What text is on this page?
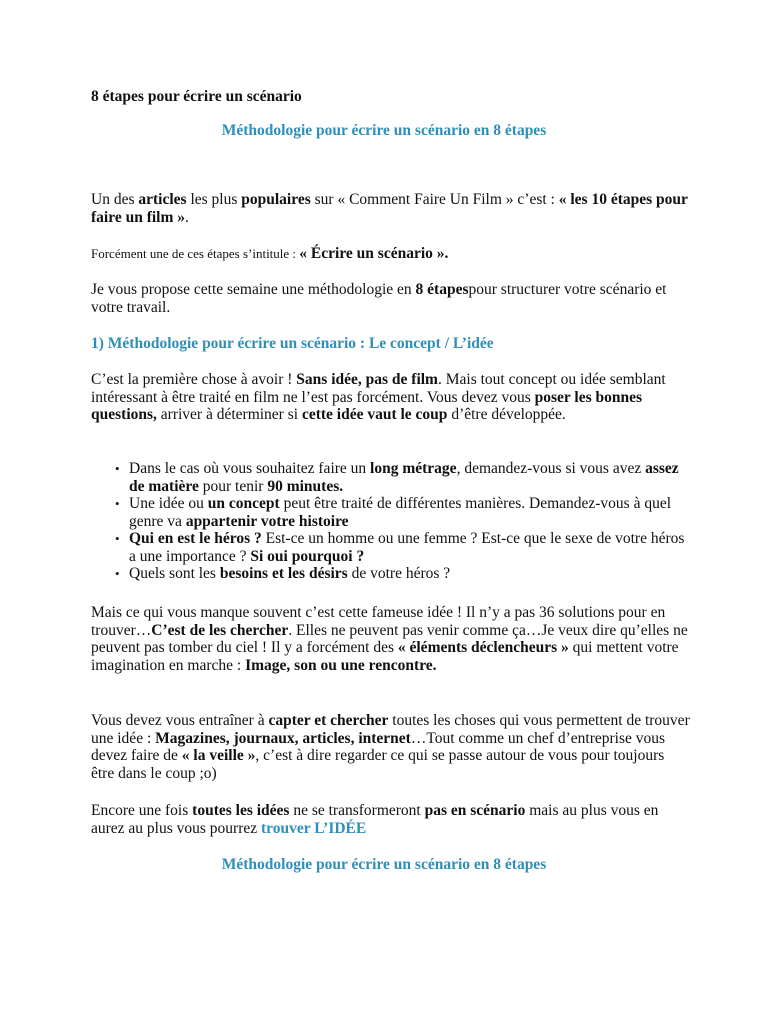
8 étapes pour écrire un scénario

Méthodologie pour écrire un scénario en 8 étapes

Un des articles les plus populaires sur « Comment Faire Un Film » c’est : « les 10 étapes pour faire un film ».

Forcément une de ces étapes s’intitule : « Écrire un scénario ».

Je vous propose cette semaine une méthodologie en 8 étapespour structurer votre scénario et votre travail.

1) Méthodologie pour écrire un scénario : Le concept / L’idée

C’est la première chose à avoir ! Sans idée, pas de film. Mais tout concept ou idée semblant intéressant à être traité en film ne l’est pas forcément. Vous devez vous poser les bonnes questions, arriver à déterminer si cette idée vaut le coup d’être développée.

• Dans le cas où vous souhaitez faire un long métrage, demandez-vous si vous avez assez de matière pour tenir 90 minutes.
• Une idée ou un concept peut être traité de différentes manières. Demandez-vous à quel genre va appartenir votre histoire
• Qui en est le héros ? Est-ce un homme ou une femme ? Est-ce que le sexe de votre héros a une importance ? Si oui pourquoi ?
• Quels sont les besoins et les désirs de votre héros ?

Mais ce qui vous manque souvent c’est cette fameuse idée ! Il n’y a pas 36 solutions pour en trouver…C’est de les chercher. Elles ne peuvent pas venir comme ça…Je veux dire qu’elles ne peuvent pas tomber du ciel ! Il y a forcément des « éléments déclencheurs » qui mettent votre imagination en marche : Image, son ou une rencontre.

Vous devez vous entraîner à capter et chercher toutes les choses qui vous permettent de trouver une idée : Magazines, journaux, articles, internet…Tout comme un chef d’entreprise vous devez faire de « la veille », c’est à dire regarder ce qui se passe autour de vous pour toujours être dans le coup ;o)

Encore une fois toutes les idées ne se transformeront pas en scénario mais au plus vous en aurez au plus vous pourrez trouver L’IDÉE

Méthodologie pour écrire un scénario en 8 étapes
